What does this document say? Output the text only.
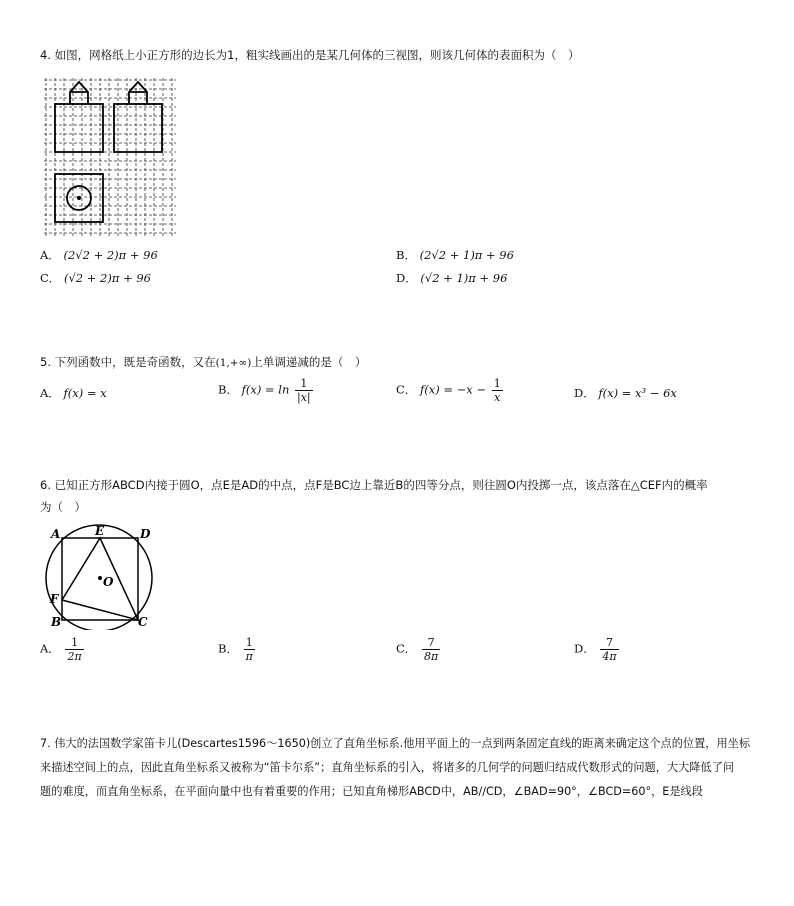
4. 如图，网格纸上小正方形的边长为1，粗实线画出的是某几何体的三视图，则该几何体的表面积为（　）
A． (2√2 + 2)π + 96	B． (2√2 + 1)π + 96
C． (√2 + 2)π + 96	D． (√2 + 1)π + 96
5. 下列函数中，既是奇函数，又在(1,+∞)上单调递减的是（　）
A． f(x) = x	B． $f(x) = \ln \frac{1}{|x|}$	C． $f(x) = -x - \frac{1}{x}$	D． f(x) = x³ − 6x
6. 已知正方形ABCD内接于圆O，点E是AD的中点，点F是BC边上靠近B的四等分点，则往圆O内投掷一点，该点落在△CEF内的概率
为（　）
A	E	D
O
F
B	C
A． $\frac{1}{2\pi}$	B． $\frac{1}{\pi}$	C． $\frac{7}{8\pi}$	D． $\frac{7}{4\pi}$
7. 伟大的法国数学家笛卡儿(Descartes1596～1650)创立了直角坐标系.他用平面上的一点到两条固定直线的距离来确定这个点的位置，用坐标
来描述空间上的点，因此直角坐标系又被称为“笛卡尔系”；直角坐标系的引入，将诸多的几何学的问题归结成代数形式的问题，大大降低了问
题的难度，而直角坐标系，在平面向量中也有着重要的作用；已知直角梯形ABCD中，AB//CD，∠BAD=90°，∠BCD=60°，E是线段
